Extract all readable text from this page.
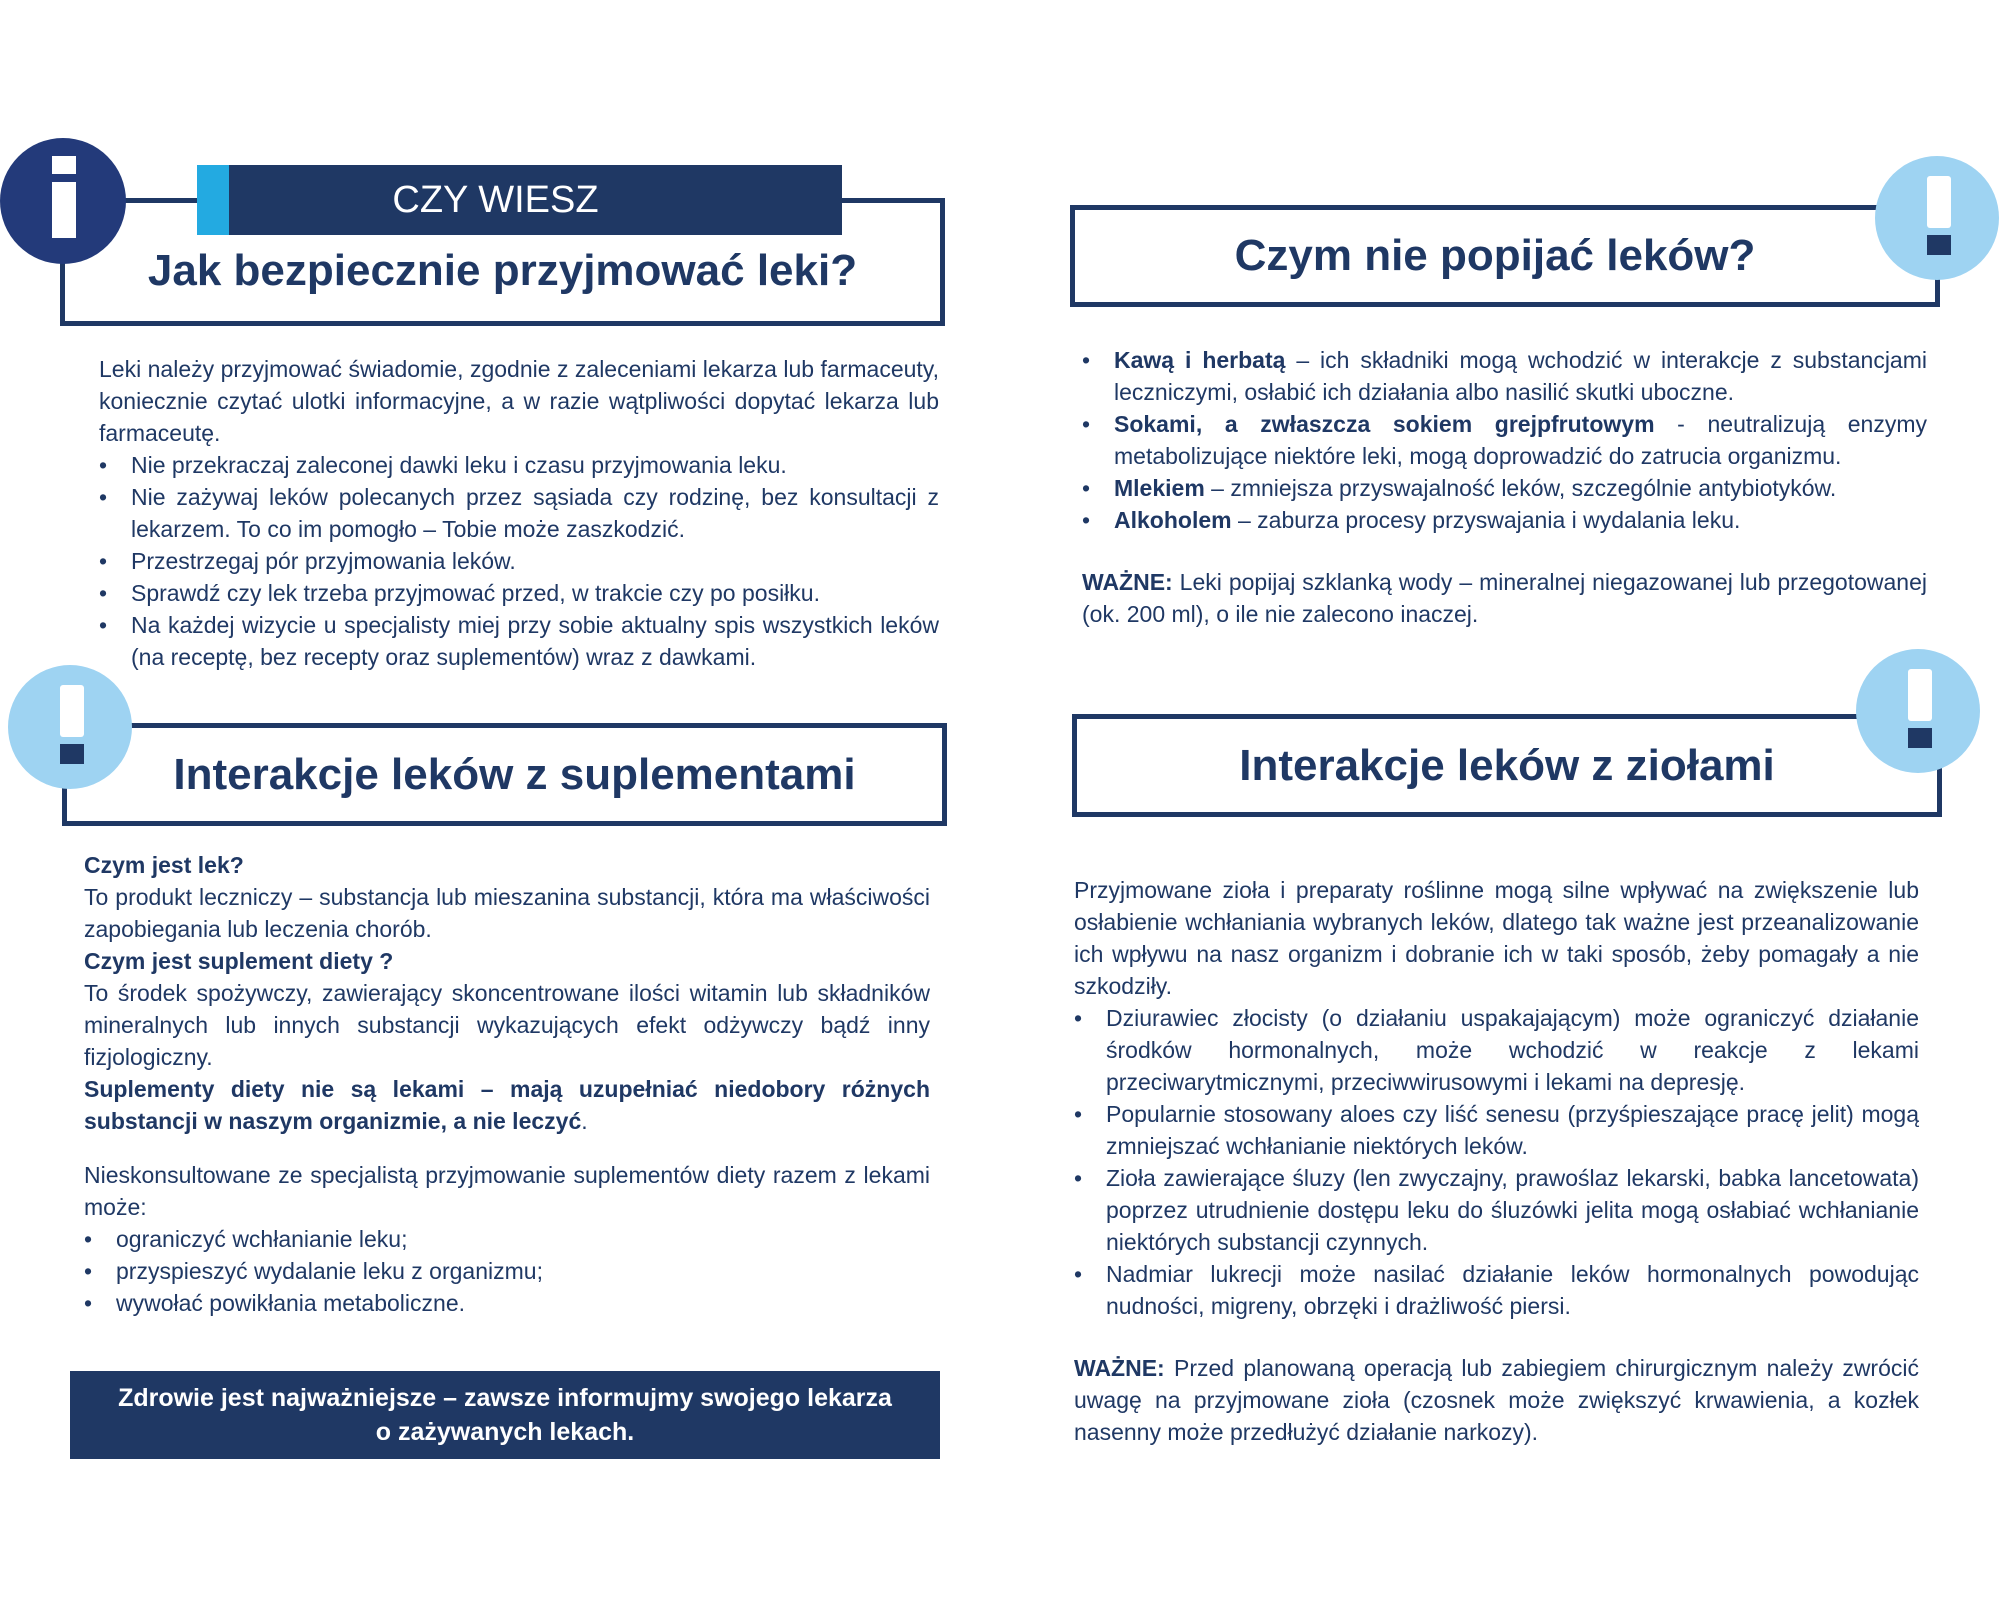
Jak bezpiecznie przyjmować leki?
CZY WIESZ

Leki należy przyjmować świadomie, zgodnie z zaleceniami lekarza lub farmaceuty, koniecznie czytać ulotki informacyjne, a w razie wątpliwości dopytać lekarza lub farmaceutę.

• Nie przekraczaj zaleconej dawki leku i czasu przyjmowania leku.
• Nie zażywaj leków polecanych przez sąsiada czy rodzinę, bez konsultacji z lekarzem. To co im pomogło – Tobie może zaszkodzić.
• Przestrzegaj pór przyjmowania leków.
• Sprawdź czy lek trzeba przyjmować przed, w trakcie czy po posiłku.
• Na każdej wizycie u specjalisty miej przy sobie aktualny spis wszystkich leków (na receptę, bez recepty oraz suplementów) wraz z dawkami.
Czym nie popijać leków?
• Kawą i herbatą – ich składniki mogą wchodzić w interakcje z substancjami leczniczymi, osłabić ich działania albo nasilić skutki uboczne.
• Sokami, a zwłaszcza sokiem grejpfrutowym - neutralizują enzymy metabolizujące niektóre leki, mogą doprowadzić do zatrucia organizmu.
• Mlekiem – zmniejsza przyswajalność leków, szczególnie antybiotyków.
• Alkoholem – zaburza procesy przyswajania i wydalania leku.

WAŻNE: Leki popijaj szklanką wody – mineralnej niegazowanej lub przegotowanej (ok. 200 ml), o ile nie zalecono inaczej.

Interakcje leków z suplementami

Czym jest lek?

To produkt leczniczy – substancja lub mieszanina substancji, która ma właściwości zapobiegania lub leczenia chorób.

Czym jest suplement diety ?

To środek spożywczy, zawierający skoncentrowane ilości witamin lub składników mineralnych lub innych substancji wykazujących efekt odżywczy bądź inny fizjologiczny.

Suplementy diety nie są lekami – mają uzupełniać niedobory różnych substancji w naszym organizmie, a nie leczyć.

Nieskonsultowane ze specjalistą przyjmowanie suplementów diety razem z lekami może:

• ograniczyć wchłanianie leku;
• przyspieszyć wydalanie leku z organizmu;
• wywołać powikłania metaboliczne.
Zdrowie jest najważniejsze – zawsze informujmy swojego lekarza
o zażywanych lekach.
Interakcje leków z ziołami

Przyjmowane zioła i preparaty roślinne mogą silne wpływać na zwiększenie lub osłabienie wchłaniania wybranych leków, dlatego tak ważne jest przeanalizowanie ich wpływu na nasz organizm i dobranie ich w taki sposób, żeby pomagały a nie szkodziły.

• Dziurawiec złocisty (o działaniu uspakajającym) może ograniczyć działanie środków hormonalnych, może wchodzić w reakcje z lekami przeciwarytmicznymi, przeciwwirusowymi i lekami na depresję.
• Popularnie stosowany aloes czy liść senesu (przyśpieszające pracę jelit) mogą zmniejszać wchłanianie niektórych leków.
• Zioła zawierające śluzy (len zwyczajny, prawoślaz lekarski, babka lancetowata) poprzez utrudnienie dostępu leku do śluzówki jelita mogą osłabiać wchłanianie niektórych substancji czynnych.
• Nadmiar lukrecji może nasilać działanie leków hormonalnych powodując nudności, migreny, obrzęki i drażliwość piersi.

WAŻNE: Przed planowaną operacją lub zabiegiem chirurgicznym należy zwrócić uwagę na przyjmowane zioła (czosnek może zwiększyć krwawienia, a kozłek nasenny może przedłużyć działanie narkozy).
